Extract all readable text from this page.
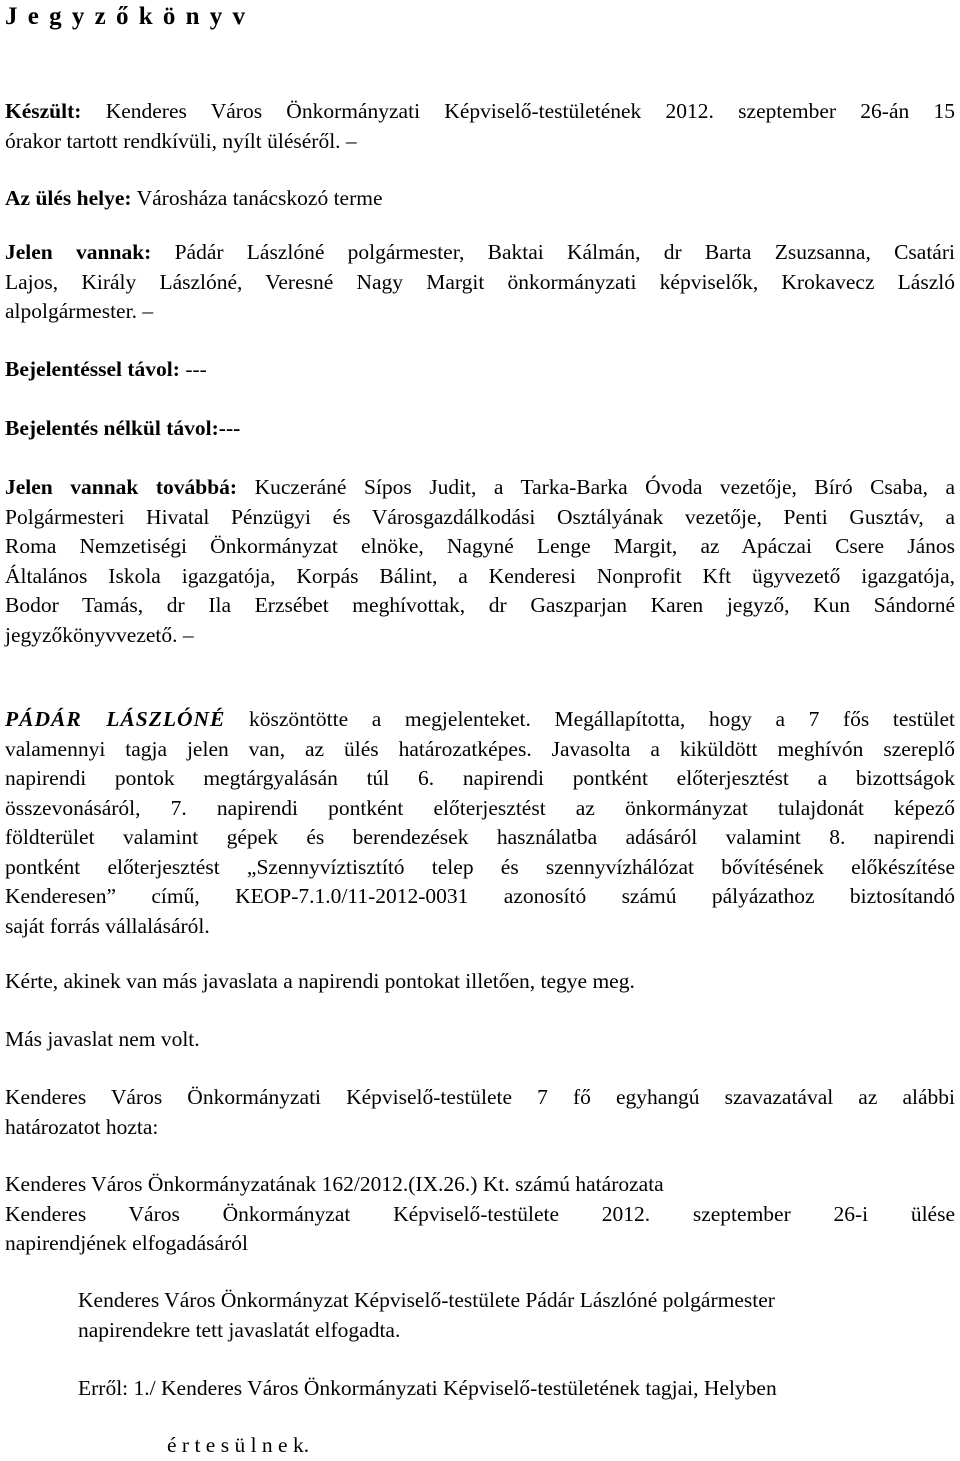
J e g y z ő k ö n y v
Készült: Kenderes Város Önkormányzati Képviselő-testületének 2012. szeptember 26-án 15
órakor tartott rendkívüli, nyílt üléséről. –
Az ülés helye: Városháza tanácskozó terme
Jelen vannak: Pádár Lászlóné polgármester, Baktai Kálmán, dr Barta Zsuzsanna, Csatári
Lajos, Király Lászlóné, Veresné Nagy Margit önkormányzati képviselők, Krokavecz László
alpolgármester. –
Bejelentéssel távol: ---
Bejelentés nélkül távol:---
Jelen vannak továbbá: Kuczeráné Sípos Judit, a Tarka-Barka Óvoda vezetője, Bíró Csaba, a
Polgármesteri Hivatal Pénzügyi és Városgazdálkodási Osztályának vezetője, Penti Gusztáv, a
Roma Nemzetiségi Önkormányzat elnöke, Nagyné Lenge Margit, az Apáczai Csere János
Általános Iskola igazgatója, Korpás Bálint, a Kenderesi Nonprofit Kft ügyvezető igazgatója,
Bodor Tamás, dr Ila Erzsébet meghívottak, dr Gaszparjan Karen jegyző, Kun Sándorné
jegyzőkönyvvezető. –
PÁDÁR LÁSZLÓNÉ köszöntötte a megjelenteket. Megállapította, hogy a 7 fős testület
valamennyi tagja jelen van, az ülés határozatképes. Javasolta a kiküldött meghívón szereplő
napirendi pontok megtárgyalásán túl 6. napirendi pontként előterjesztést a bizottságok
összevonásáról, 7. napirendi pontként előterjesztést az önkormányzat tulajdonát képező
földterület valamint gépek és berendezések használatba adásáról valamint 8. napirendi
pontként előterjesztést „Szennyvíztisztító telep és szennyvízhálózat bővítésének előkészítése
Kenderesen” című, KEOP-7.1.0/11-2012-0031 azonosító számú pályázathoz biztosítandó
saját forrás vállalásáról.
Kérte, akinek van más javaslata a napirendi pontokat illetően, tegye meg.
Más javaslat nem volt.
Kenderes Város Önkormányzati Képviselő-testülete 7 fő egyhangú szavazatával az alábbi
határozatot hozta:
Kenderes Város Önkormányzatának 162/2012.(IX.26.) Kt. számú határozata
Kenderes Város Önkormányzat Képviselő-testülete 2012. szeptember 26-i ülése
napirendjének elfogadásáról
Kenderes Város Önkormányzat Képviselő-testülete Pádár Lászlóné polgármester
napirendekre tett javaslatát elfogadta.
Erről: 1./ Kenderes Város Önkormányzati Képviselő-testületének tagjai, Helyben
é r t e s ü l n e k.
